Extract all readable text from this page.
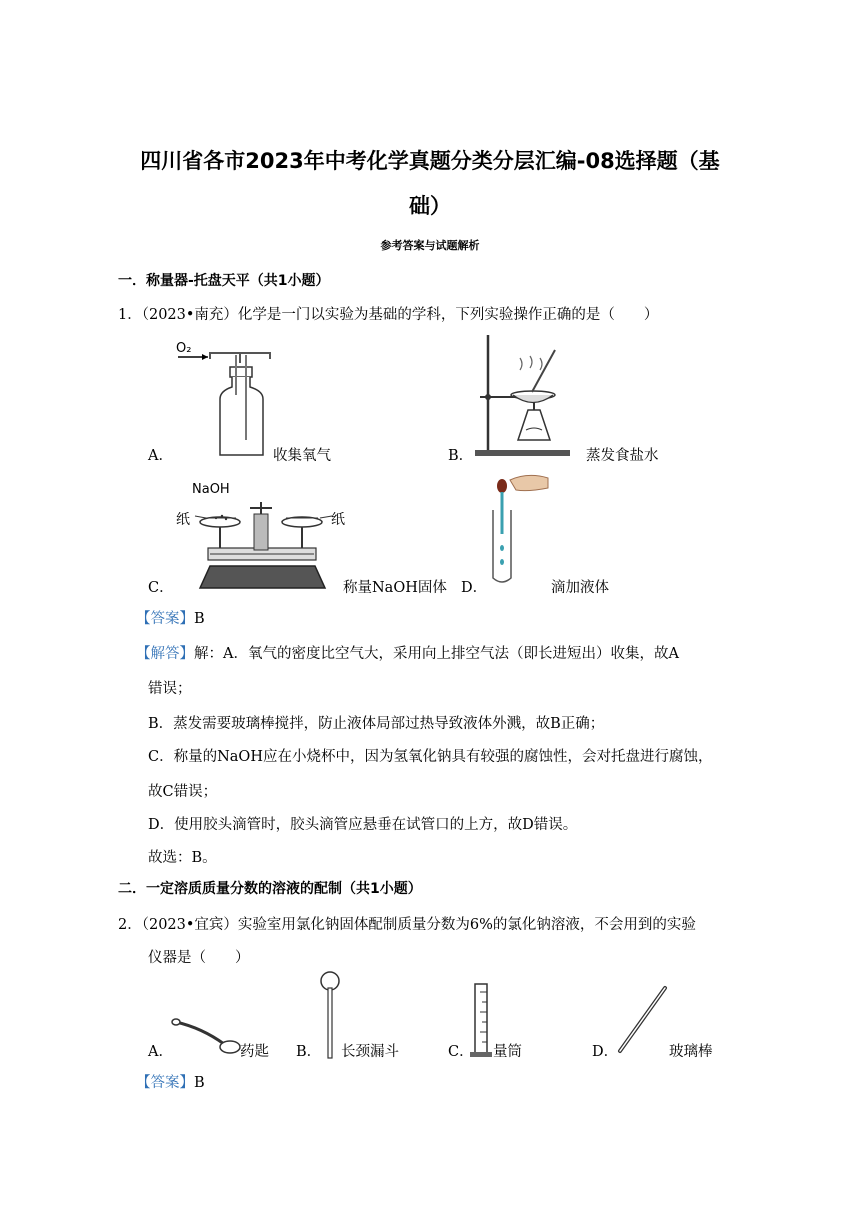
四川省各市2023年中考化学真题分类分层汇编-08选择题（基
础）
参考答案与试题解析
一．称量器-托盘天平（共1小题）
1．（2023•南充）化学是一门以实验为基础的学科，下列实验操作正确的是（　　）
O₂
A．	收集氧气	B．	蒸发食盐水
NaOH
纸	纸
C．	称量NaOH固体 D．	滴加液体
【答案】B
【解答】解：A．氧气的密度比空气大，采用向上排空气法（即长进短出）收集，故A
错误；
B．蒸发需要玻璃棒搅拌，防止液体局部过热导致液体外溅，故B正确；
C．称量的NaOH应在小烧杯中，因为氢氧化钠具有较强的腐蚀性，会对托盘进行腐蚀，
故C错误；
D．使用胶头滴管时，胶头滴管应悬垂在试管口的上方，故D错误。
故选：B。
二．一定溶质质量分数的溶液的配制（共1小题）
2．（2023•宜宾）实验室用氯化钠固体配制质量分数为6%的氯化钠溶液，不会用到的实验
仪器是（　　）
A．	药匙 B． 长颈漏斗	C． 量筒	D．	玻璃棒
【答案】B
